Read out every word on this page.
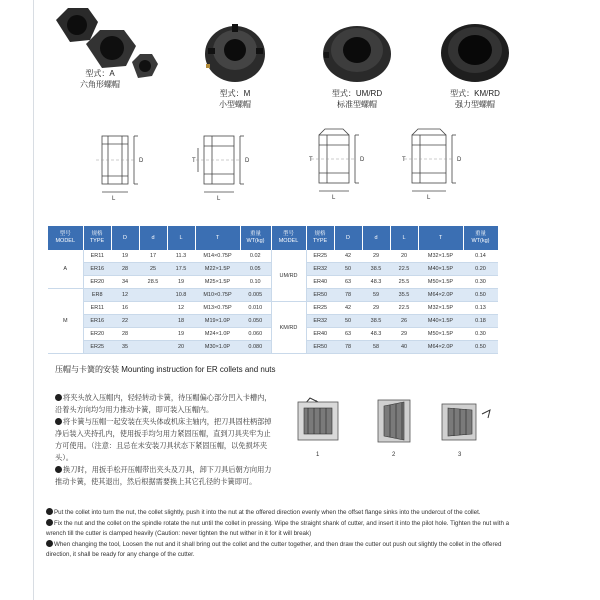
型式：A
六角形螺帽
型式：M
小型螺帽
型式：UM/RD
标准型螺帽
型式：KM/RD
强力型螺帽
D
L
T	D
L
T	D
L
T	D
L
型号
MODEL	规格
TYPE	D	d	L	T	重量
WT(kg)	型号
MODEL	规格
TYPE	D	d	L	T	重量
WT(kg)
A	ER11	19	17	11.3	M14×0.75P	0.02	UM/RD	ER25	42	29	20	M32×1.5P	0.14
	ER16	28	25	17.5	M22×1.5P	0.05		ER32	50	38.5	22.5	M40×1.5P	0.20
	ER20	34	28.5	19	M25×1.5P	0.10		ER40	63	48.3	25.5	M50×1.5P	0.30
M	ER8	12		10.8	M10×0.75P	0.005		ER50	78	59	35.5	M64×2.0P	0.50
	ER11	16		12	M13×0.75P	0.010	KM/RD	ER25	42	29	22.5	M32×1.5P	0.13
	ER16	22		18	M19×1.0P	0.050		ER32	50	38.5	26	M40×1.5P	0.18
	ER20	28		19	M24×1.0P	0.060		ER40	63	48.3	29	M50×1.5P	0.30
	ER25	35		20	M30×1.0P	0.080		ER50	78	58	40	M64×2.0P	0.50
压帽与卡簧的安装 Mounting instruction for ER collets and nuts

将夹头放入压帽内，轻轻转动卡簧，待压帽偏心部分凹入卡槽内，沿着头方向均匀用力推动卡簧，即可装入压帽内。

将卡簧与压帽一起安装在夹头体或机床主轴内，把刀具固柱柄部掉净后装入夹持孔内，使用扳手均匀用力紧固压帽，直到刀具夹牢为止方可使用。（注意：且忌在未安装刀具状态下紧固压帽，以免损坏夹头）。

换刀时，用扳手松开压帽带出夹头及刀具，卸下刀具后朝方向用力推动卡簧，使其退出，然后根据需要换上其它孔径的卡簧即可。

1	2	3

Put the collet into turn the nut, the collet slightly, push it into the nut at the offered direction evenly when the offset flange sinks into the undercut of the collet.

Fix the nut and the collet on the spindle rotate the nut until the collet in pressing. Wipe the straight shank of cutter, and insert it into the pilot hole. Tighten the nut with a wrench till the cutter is clamped heavily (Caution: never tighten the nut wither in it for it will break)

When changing the tool, Loosen the nut and it shall bring out the collet and the cutter together, and then draw the cutter out push out slightly the collet in the offered direction, it shall be ready for any change of the cutter.
